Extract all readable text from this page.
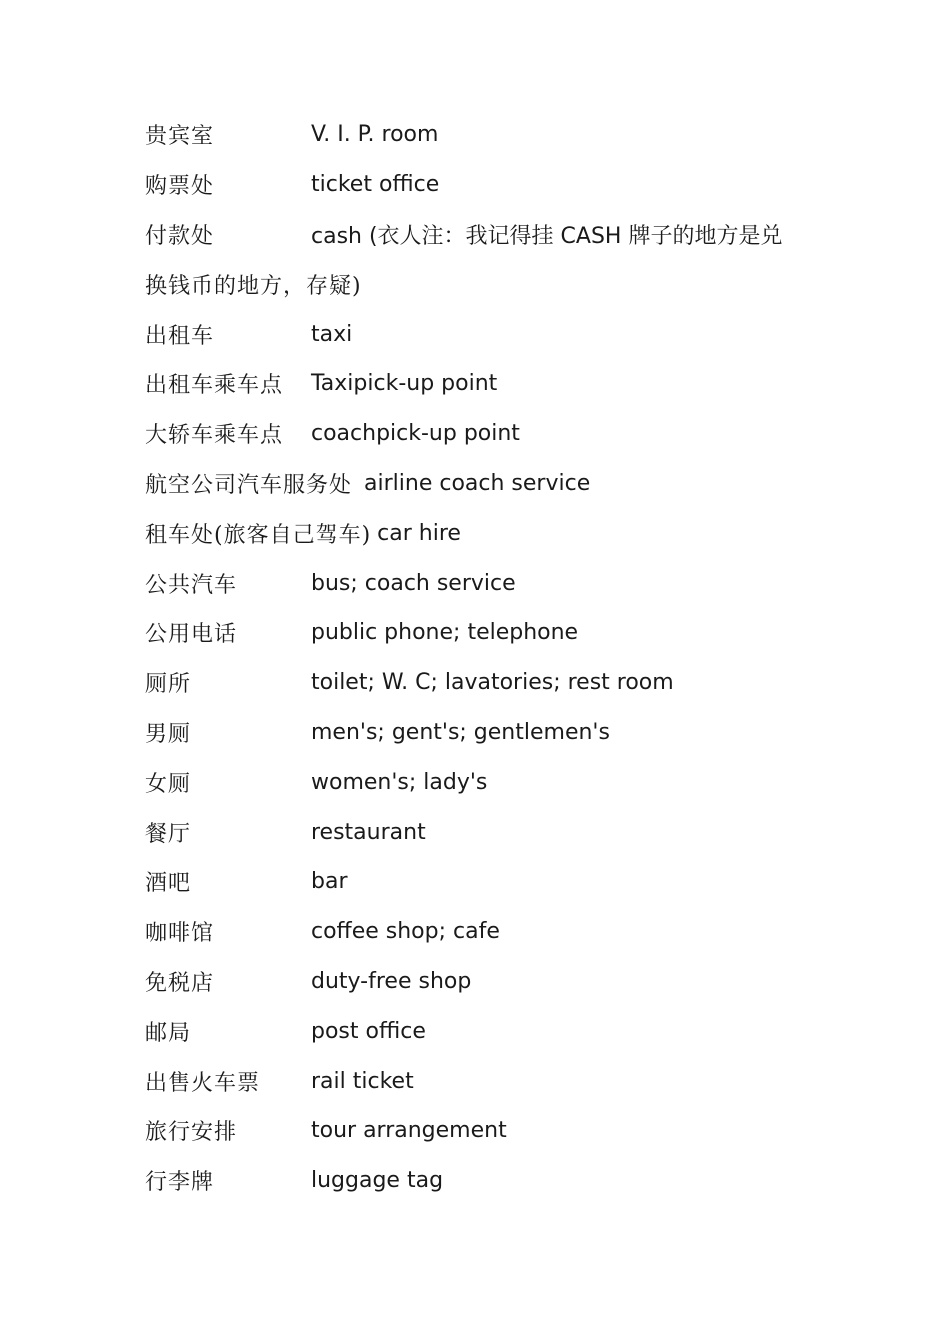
贵宾室	V. I. P. room
购票处	ticket office
付款处	cash (衣人注：我记得挂 CASH 牌子的地方是兑
换钱币的地方，存疑)
出租车	taxi
出租车乘车点	Taxipick-up point
大轿车乘车点	coachpick-up point
航空公司汽车服务处 airline coach service
租车处(旅客自己驾车) car hire
公共汽车	bus; coach service
公用电话	public phone; telephone
厕所	toilet; W. C; lavatories; rest room
男厕	men's; gent's; gentlemen's
女厕	women's; lady's
餐厅	restaurant
酒吧	bar
咖啡馆	coffee shop; cafe
免税店	duty-free shop
邮局	post office
出售火车票	rail ticket
旅行安排	tour arrangement
行李牌	luggage tag
